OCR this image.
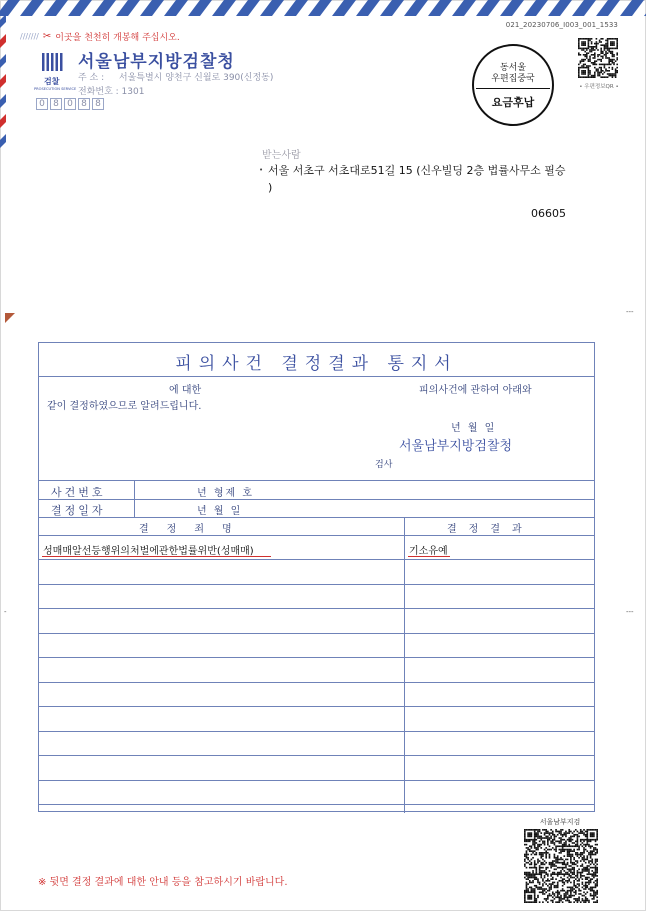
021_20230706_I003_001_1533
/////// ✂ 이곳을 천천히 개봉해 주십시오.
검찰
PROSECUTION SERVICE
서울남부지방검찰청
주 소 : 서울특별시 양천구 신월로 390(신정동)
전화번호 : 1301
0 8 0 8 8
동서울
우편집중국
요금후납
• 우편정보QR •
받는사람
• 서울 서초구 서초대로51길 15 (신우빌딩 2층 법률사무소 필승 )
06605
---
---
-
피의사건 결정결과 통지서
에 대한	피의사건에 관하여 아래와
같이 결정하였으므로 알려드립니다.
년 월 일
서울남부지방검찰청
검사
사건번호	년 형제 호
결정일자	년 월 일
결정죄명	결정결과
성매매알선등행위의처벌에관한법률위반(성매매)	기소유예
서울남부지검
※ 뒷면 결정 결과에 대한 안내 등을 참고하시기 바랍니다.
